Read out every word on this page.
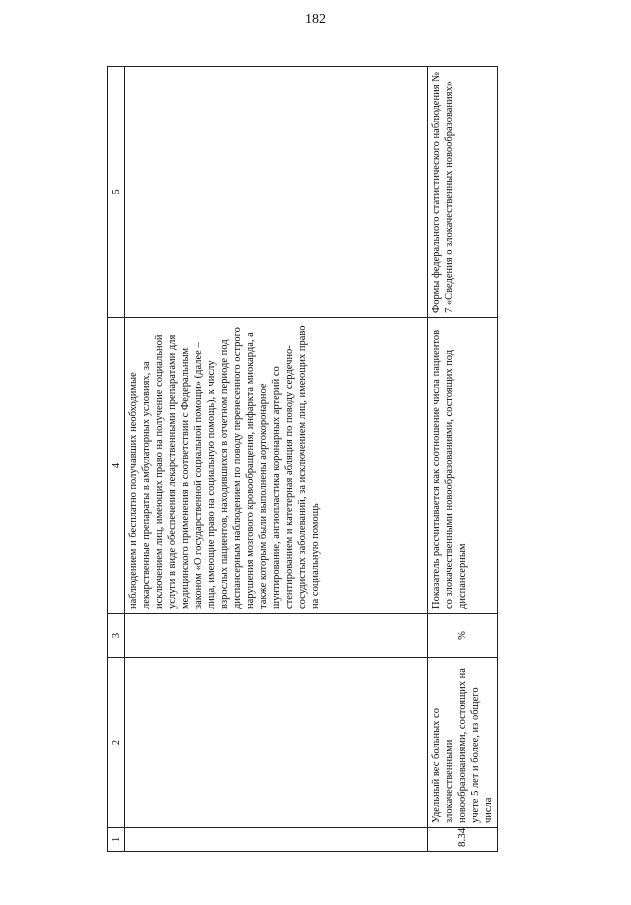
182
1	2	3	4	5
			наблюдением и бесплатно получавших необходимые лекарственные препараты в амбулаторных условиях, за исключением лиц, имеющих право на получение социальной услуги в виде обеспечения лекарственными препаратами для медицинского применения в соответствии с Федеральным законом «О государственной социальной помощи» (далее – лица, имеющие право на социальную помощь), к числу взрослых пациентов, находившихся в отчетном периоде под диспансерным наблюдением по поводу перенесенного острого нарушения мозгового кровообращения, инфаркта миокарда, а также которым были выполнены аортокоронарное шунтирование, ангиопластика коронарных артерий со стентированием и катетерная абляция по поводу сердечно-сосудистых заболеваний, за исключением лиц, имеющих право на социальную помощь	
8.34	Удельный вес больных со злокачественными новообразованиями, состоящих на учете 5 лет и более, из общего числа	%	Показатель рассчитывается как соотношение числа пациентов со злокачественными новообразованиями, состоящих под диспансерным	Формы федерального статистического наблюдения № 7 «Сведения о злокачественных новообразованиях»
